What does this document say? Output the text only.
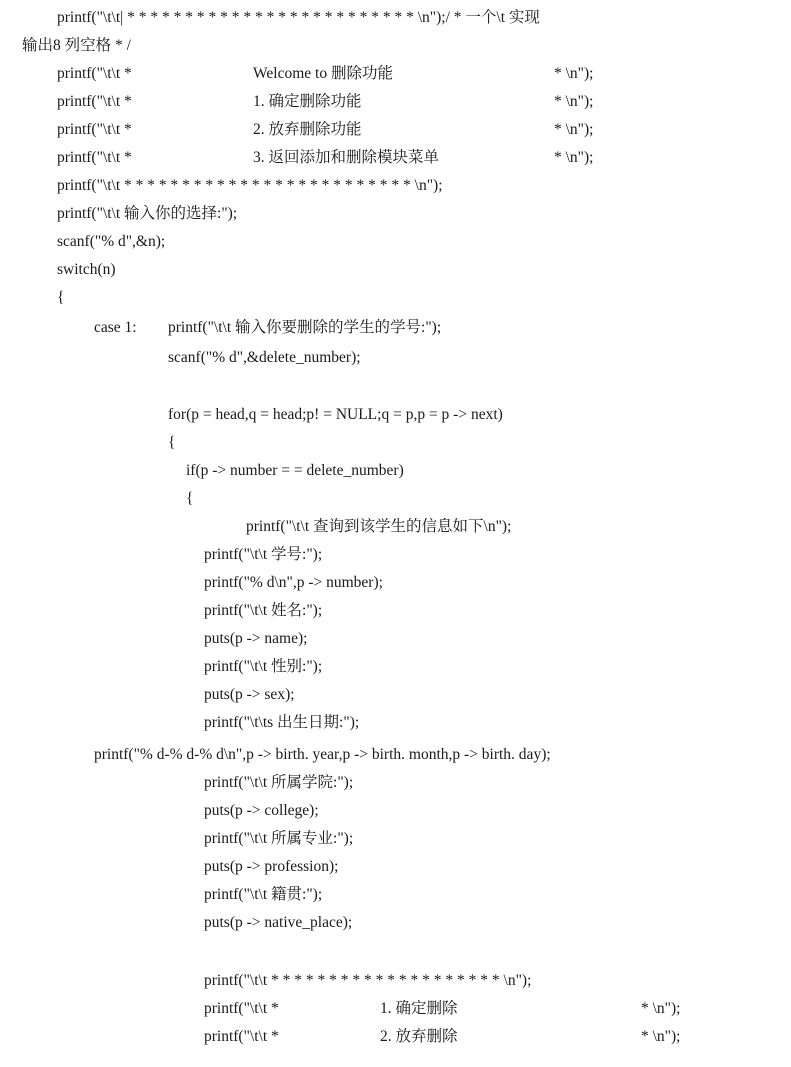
printf("\t\t| * * * * * * * * * * * * * * * * * * * * * * * * * \n");/ * 一个\t 实现
输出8 列空格 * /
printf("\t\t *	Welcome to 删除功能	* \n");
printf("\t\t *	1. 确定删除功能	* \n");
printf("\t\t *	2. 放弃删除功能	* \n");
printf("\t\t *	3. 返回添加和删除模块菜单	* \n");
printf("\t\t * * * * * * * * * * * * * * * * * * * * * * * * * \n");
printf("\t\t 输入你的选择:");
scanf("% d",&n);
switch(n)
{
case 1: printf("\t\t 输入你要删除的学生的学号:");
scanf("% d",&delete_number);
for(p = head,q = head;p! = NULL;q = p,p = p -> next)
{
if(p -> number = = delete_number)
{
printf("\t\t 查询到该学生的信息如下\n");
printf("\t\t 学号:");
printf("% d\n",p -> number);
printf("\t\t 姓名:");
puts(p -> name);
printf("\t\t 性别:");
puts(p -> sex);
printf("\t\ts 出生日期:");
printf("% d-% d-% d\n",p -> birth. year,p -> birth. month,p -> birth. day);
printf("\t\t 所属学院:");
puts(p -> college);
printf("\t\t 所属专业:");
puts(p -> profession);
printf("\t\t 籍贯:");
puts(p -> native_place);
printf("\t\t * * * * * * * * * * * * * * * * * * * * \n");
printf("\t\t *	1. 确定删除	* \n");
printf("\t\t *	2. 放弃删除	* \n");
